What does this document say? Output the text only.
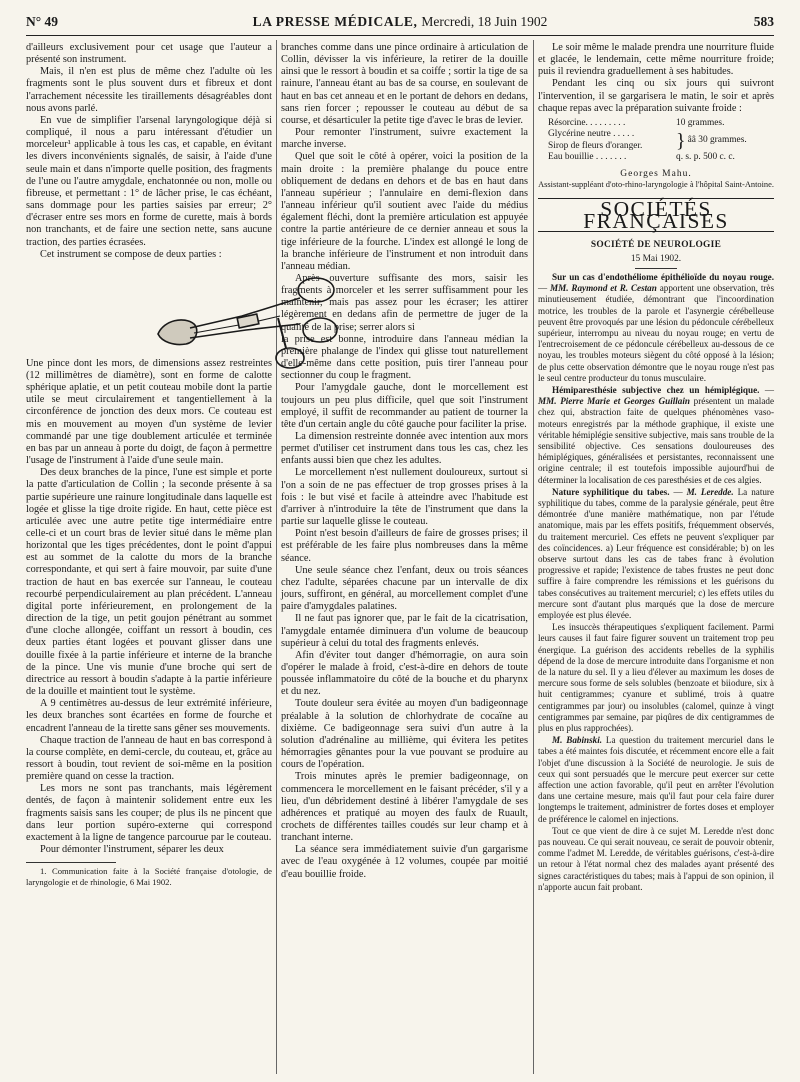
N° 49	LA PRESSE MÉDICALE, Mercredi, 18 Juin 1902	583

d'ailleurs exclusivement pour cet usage que l'auteur a présenté son instrument.

Mais, il n'en est plus de même chez l'adulte où les fragments sont le plus souvent durs et fibreux et dont l'arrachement nécessite les tiraillements désagréables dont nous avons parlé.

En vue de simplifier l'arsenal laryngologique déjà si compliqué, il nous a paru intéressant d'étudier un morceleur¹ applicable à tous les cas, et capable, en évitant les divers inconvénients signalés, de saisir, à l'aide d'une seule main et dans n'importe quelle position, des fragments de l'une ou l'autre amygdale, enchatonnée ou non, molle ou fibreuse, et permettant : 1° de lâcher prise, le cas échéant, sans dommage pour les parties saisies par erreur; 2° d'écraser entre ses mors en forme de curette, mais à bords non tranchants, et de faire une section nette, sans aucune traction, des parties écrasées.

Cet instrument se compose de deux parties :

Une pince dont les mors, de dimensions assez restreintes (12 millimètres de diamètre), sont en forme de calotte sphérique aplatie, et un petit couteau mobile dont la partie utile se meut circulairement et tangentiellement à la circonférence de jonction des deux mors. Ce couteau est mis en mouvement au moyen d'un système de levier commandé par une tige doublement articulée et terminée en bas par un anneau à porte du doigt, de façon à permettre l'usage de l'instrument à l'aide d'une seule main.

Des deux branches de la pince, l'une est simple et porte la patte d'articulation de Collin ; la seconde présente à sa partie supérieure une rainure longitudinale dans laquelle est logée et glisse la tige droite rigide. En haut, cette pièce est articulée avec une autre petite tige intermédiaire entre celle-ci et un court bras de levier situé dans le même plan horizontal que les tiges précédentes, dont le point d'appui est au sommet de la calotte du mors de la branche correspondante, et qui sert à faire mouvoir, par suite d'une traction de haut en bas exercée sur l'anneau, le couteau recourbé perpendiculairement au plan précédent. L'anneau digital porte inférieurement, en prolongement de la direction de la tige, un petit goujon pénétrant au sommet d'une cloche allongée, coiffant un ressort à boudin, ces deux parties étant logées et pouvant glisser dans une douille fixée à la partie inférieure et interne de la branche de la pince. Une vis munie d'une broche qui sert de directrice au ressort à boudin s'adapte à la partie inférieure de la douille et maintient tout le système.

A 9 centimètres au-dessus de leur extrémité inférieure, les deux branches sont écartées en forme de fourche et encadrent l'anneau de la tirette sans gêner ses mouvements.

Chaque traction de l'anneau de haut en bas correspond à la course complète, en demi-cercle, du couteau, et, grâce au ressort à boudin, tout revient de soi-même en la position première quand on cesse la traction.

Les mors ne sont pas tranchants, mais légèrement dentés, de façon à maintenir solidement entre eux les fragments saisis sans les couper; de plus ils ne pincent que dans leur portion supéro-externe qui correspond exactement à la ligne de tangence parcourue par le couteau.

Pour démonter l'instrument, séparer les deux

1. Communication faite à la Société française d'otologie, de laryngologie et de rhinologie, 6 Mai 1902.

branches comme dans une pince ordinaire à articulation de Collin, dévisser la vis inférieure, la retirer de la douille ainsi que le ressort à boudin et sa coiffe ; sortir la tige de sa rainure, l'anneau étant au bas de sa course, en soulevant de haut en bas cet anneau et en le portant de dehors en dedans, sans rien forcer ; repousser le couteau au début de sa course, et désarticuler la petite tige d'avec le bras de levier.

Pour remonter l'instrument, suivre exactement la marche inverse.

Quel que soit le côté à opérer, voici la position de la main droite : la première phalange du pouce entre obliquement de dedans en dehors et de bas en haut dans l'anneau supérieur ; l'annulaire en demi-flexion dans l'anneau inférieur qu'il soutient avec l'aide du médius également fléchi, dont la première articulation est appuyée contre la partie antérieure de ce dernier anneau et sous la tige inférieure de la fourche. L'index est allongé le long de la branche inférieure de l'instrument et non introduit dans l'anneau médian.

Après ouverture suffisante des mors, saisir les fragments à morceler et les serrer suffisamment pour les maintenir, mais pas assez pour les écraser; les attirer légèrement en dedans afin de permettre de juger de la qualité de la prise; serrer alors si

la prise est bonne, introduire dans l'anneau médian la première phalange de l'index qui glisse tout naturellement d'elle-même dans cette position, puis tirer l'anneau pour sectionner du coup le fragment.

Pour l'amygdale gauche, dont le morcellement est toujours un peu plus difficile, quel que soit l'instrument employé, il suffit de recommander au patient de tourner la tête d'un certain angle du côté gauche pour faciliter la prise.

La dimension restreinte donnée avec intention aux mors permet d'utiliser cet instrument dans tous les cas, chez les enfants aussi bien que chez les adultes.

Le morcellement n'est nullement douloureux, surtout si l'on a soin de ne pas effectuer de trop grosses prises à la fois : le but visé et facile à atteindre avec l'habitude est d'arriver à n'introduire la tête de l'instrument que dans la partie sur laquelle glisse le couteau.

Point n'est besoin d'ailleurs de faire de grosses prises; il est préférable de les faire plus nombreuses dans la même séance.

Une seule séance chez l'enfant, deux ou trois séances chez l'adulte, séparées chacune par un intervalle de dix jours, suffiront, en général, au morcellement complet d'une paire d'amygdales palatines.

Il ne faut pas ignorer que, par le fait de la cicatrisation, l'amygdale entamée diminuera d'un volume de beaucoup supérieur à celui du total des fragments enlevés.

Afin d'éviter tout danger d'hémorragie, on aura soin d'opérer le malade à froid, c'est-à-dire en dehors de toute poussée inflammatoire du côté de la bouche et du pharynx et du nez.

Toute douleur sera évitée au moyen d'un badigeonnage préalable à la solution de chlorhydrate de cocaïne au dixième. Ce badigeonnage sera suivi d'un autre à la solution d'adrénaline au millième, qui évitera les petites hémorragies gênantes pour la vue pouvant se produire au cours de l'opération.

Trois minutes après le premier badigeonnage, on commencera le morcellement en le faisant précéder, s'il y a lieu, d'un débridement destiné à libérer l'amygdale de ses adhérences et pratiqué au moyen des faulx de Ruault, crochets de différentes tailles coudés sur leur champ et à tranchant interne.

La séance sera immédiatement suivie d'un gargarisme avec de l'eau oxygénée à 12 volumes, coupée par moitié d'eau bouillie froide.

Le soir même le malade prendra une nourriture fluide et glacée, le lendemain, cette même nourriture froide; puis il reviendra graduellement à ses habitudes.

Pendant les cinq ou six jours qui suivront l'intervention, il se gargarisera le matin, le soir et après chaque repas avec la préparation suivante froide :

Résorcine. . . . . . . . .	10 grammes.
Glycérine neutre . . . . .
Sirop de fleurs d'oranger.	} ââ 30 grammes.
Eau bouillie . . . . . . .	q. s. p. 500 c. c.
Georges Mahu.
Assistant-suppléant d'oto-rhino-laryngologie à l'hôpital Saint-Antoine.
SOCIÉTÉS FRANÇAISES
SOCIÉTÉ DE NEUROLOGIE
15 Mai 1902.

Sur un cas d'endothéliome épithélioïde du noyau rouge. — MM. Raymond et R. Cestan apportent une observation, très minutieusement étudiée, démontrant que l'incoordination motrice, les troubles de la parole et l'asynergie cérébelleuse peuvent être provoqués par une lésion du pédoncule cérébelleux supérieur, interrompu au niveau du noyau rouge; en vertu de l'entrecroisement de ce pédoncule cérébelleux au-dessous de ce noyau, les troubles moteurs siègent du côté opposé à la lésion; de plus cette observation démontre que le noyau rouge n'est pas le seul centre producteur du tonus musculaire.

Hémiparesthésie subjective chez un hémiplégique. — MM. Pierre Marie et Georges Guillain présentent un malade chez qui, abstraction faite de quelques phénomènes vaso-moteurs enregistrés par la méthode graphique, il existe une véritable hémiplégie sensitive subjective, mais sans trouble de la sensibilité objective. Ces sensations douloureuses des hémiplégiques, généralisées et persistantes, reconnaissent une origine centrale; il est toutefois impossible aujourd'hui de déterminer la localisation de ces paresthésies et de ces algies.

Nature syphilitique du tabes. — M. Leredde. La nature syphilitique du tabes, comme de la paralysie générale, peut être démontrée d'une manière mathématique, non par l'étude anatomique, mais par les effets positifs, fréquemment observés, du traitement mercuriel. Ces effets ne peuvent s'expliquer par des coïncidences. a) Leur fréquence est considérable; b) on les observe surtout dans les cas de tabes franc à évolution progressive et rapide; l'existence de tabes frustes ne peut donc suffire à faire comprendre les rémissions et les guérisons du tabes consécutives au traitement mercuriel; c) les effets utiles du mercure sont d'autant plus marqués que la dose de mercure employée est plus élevée.

Les insuccès thérapeutiques s'expliquent facilement. Parmi leurs causes il faut faire figurer souvent un traitement trop peu énergique. La guérison des accidents rebelles de la syphilis dépend de la dose de mercure introduite dans l'organisme et non de la nature du sel. Il y a lieu d'élever au maximum les doses de mercure sous forme de sels solubles (benzoate et biiodure, six à huit centigrammes; cyanure et sublimé, trois à quatre centigrammes par jour) ou insolubles (calomel, quinze à vingt centigrammes par semaine, par piqûres de dix centigrammes de plus en plus rapprochées).

M. Babinski. La question du traitement mercuriel dans le tabes a été maintes fois discutée, et récemment encore elle a fait l'objet d'une discussion à la Société de neurologie. Je suis de ceux qui sont persuadés que le mercure peut exercer sur cette affection une action favorable, qu'il peut en arrêter l'évolution dans une certaine mesure, mais qu'il faut pour cela faire durer longtemps le traitement, administrer de fortes doses et employer de préférence le calomel en injections.

Tout ce que vient de dire à ce sujet M. Leredde n'est donc pas nouveau. Ce qui serait nouveau, ce serait de pouvoir obtenir, comme l'admet M. Leredde, de véritables guérisons, c'est-à-dire un retour à l'état normal chez des malades ayant présenté des signes caractéristiques du tabes; mais à l'appui de son opinion, il n'apporte aucun fait probant.
